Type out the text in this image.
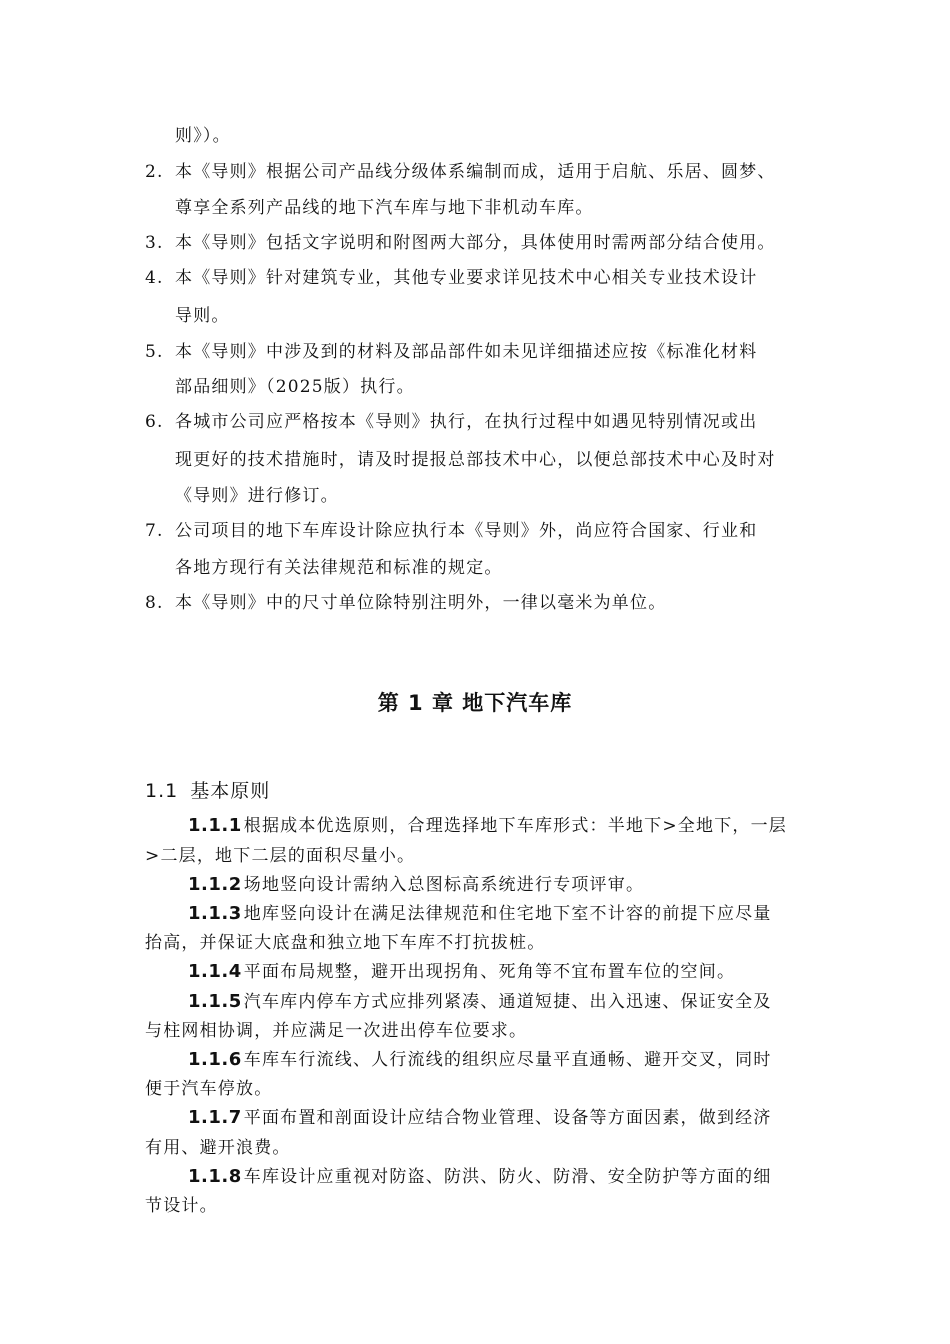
则》）。
2. 本《导则》根据公司产品线分级体系编制而成，适用于启航、乐居、圆梦、
尊享全系列产品线的地下汽车库与地下非机动车库。
3. 本《导则》包括文字说明和附图两大部分，具体使用时需两部分结合使用。
4. 本《导则》针对建筑专业，其他专业要求详见技术中心相关专业技术设计
导则。
5. 本《导则》中涉及到的材料及部品部件如未见详细描述应按《标准化材料
部品细则》（2025版）执行。
6. 各城市公司应严格按本《导则》执行，在执行过程中如遇见特别情况或出
现更好的技术措施时，请及时提报总部技术中心，以便总部技术中心及时对
《导则》进行修订。
7. 公司项目的地下车库设计除应执行本《导则》外，尚应符合国家、行业和
各地方现行有关法律规范和标准的规定。
8. 本《导则》中的尺寸单位除特别注明外，一律以毫米为单位。
第 1 章 地下汽车库
1.1 基本原则
1.1.1 根据成本优选原则，合理选择地下车库形式：半地下>全地下，一层
>二层，地下二层的面积尽量小。
1.1.2 场地竖向设计需纳入总图标高系统进行专项评审。
1.1.3 地库竖向设计在满足法律规范和住宅地下室不计容的前提下应尽量
抬高，并保证大底盘和独立地下车库不打抗拔桩。
1.1.4 平面布局规整，避开出现拐角、死角等不宜布置车位的空间。
1.1.5 汽车库内停车方式应排列紧凑、通道短捷、出入迅速、保证安全及
与柱网相协调，并应满足一次进出停车位要求。
1.1.6 车库车行流线、人行流线的组织应尽量平直通畅、避开交叉，同时
便于汽车停放。
1.1.7 平面布置和剖面设计应结合物业管理、设备等方面因素，做到经济
有用、避开浪费。
1.1.8 车库设计应重视对防盗、防洪、防火、防滑、安全防护等方面的细
节设计。
